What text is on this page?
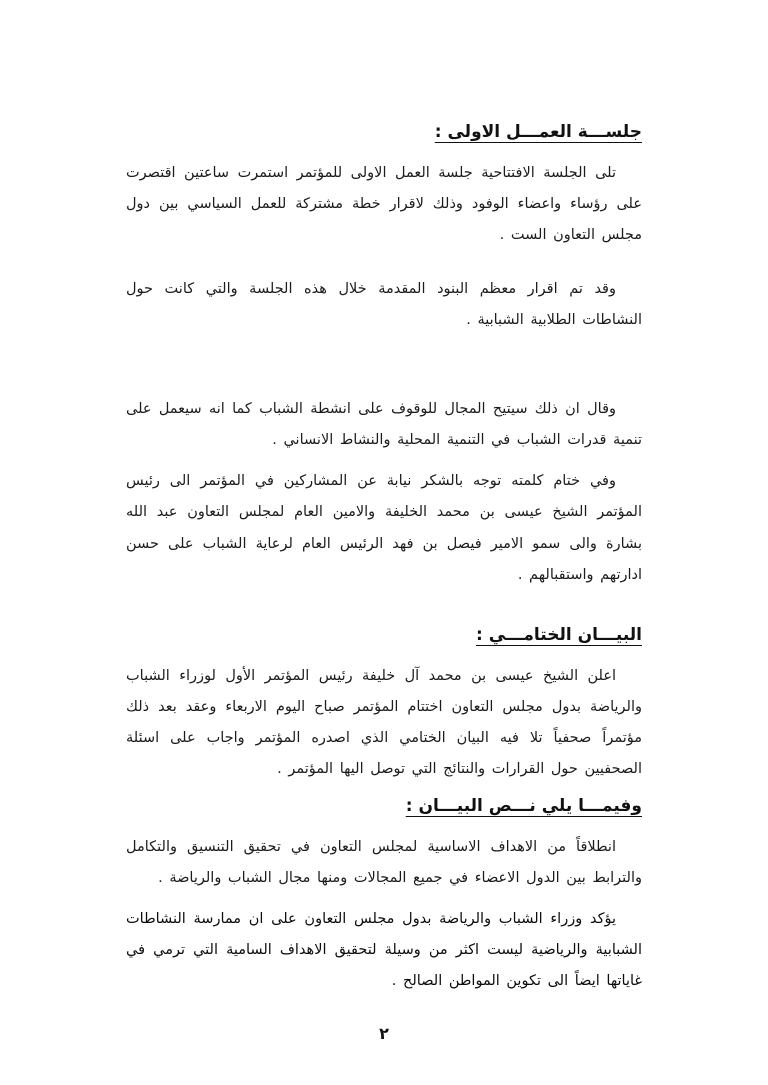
جلســـة العمـــل الاولى :

تلى الجلسة الافتتاحية جلسة العمل الاولى للمؤتمر استمرت ساعتين اقتصرت على رؤساء واعضاء الوفود وذلك لاقرار خطة مشتركة للعمل السياسي بين دول مجلس التعاون الست .

وقد تم اقرار معظم البنود المقدمة خلال هذه الجلسة والتي كانت حول النشاطات الطلابية الشبابية .

وقال ان ذلك سيتيح المجال للوقوف على انشطة الشباب كما انه سيعمل على تنمية قدرات الشباب في التنمية المحلية والنشاط الانساني .

وفي ختام كلمته توجه بالشكر نيابة عن المشاركين في المؤتمر الى رئيس المؤتمر الشيخ عيسى بن محمد الخليفة والامين العام لمجلس التعاون عبد الله بشارة والى سمو الامير فيصل بن فهد الرئيس العام لرعاية الشباب على حسن ادارتهم واستقبالهم .

البيـــان الختامـــي :

اعلن الشيخ عيسى بن محمد آل خليفة رئيس المؤتمر الأول لوزراء الشباب والرياضة بدول مجلس التعاون اختتام المؤتمر صباح اليوم الاربعاء وعقد بعد ذلك مؤتمراً صحفياً تلا فيه البيان الختامي الذي اصدره المؤتمر واجاب على اسئلة الصحفيين حول القرارات والنتائج التي توصل اليها المؤتمر .

وفيمـــا يلي نـــص البيـــان :

انطلاقاً من الاهداف الاساسية لمجلس التعاون في تحقيق التنسيق والتكامل والترابط بين الدول الاعضاء في جميع المجالات ومنها مجال الشباب والرياضة .

يؤكد وزراء الشباب والرياضة بدول مجلس التعاون على ان ممارسة النشاطات الشبابية والرياضية ليست اكثر من وسيلة لتحقيق الاهداف السامية التي ترمي في غاياتها ايضاً الى تكوين المواطن الصالح .

٢
